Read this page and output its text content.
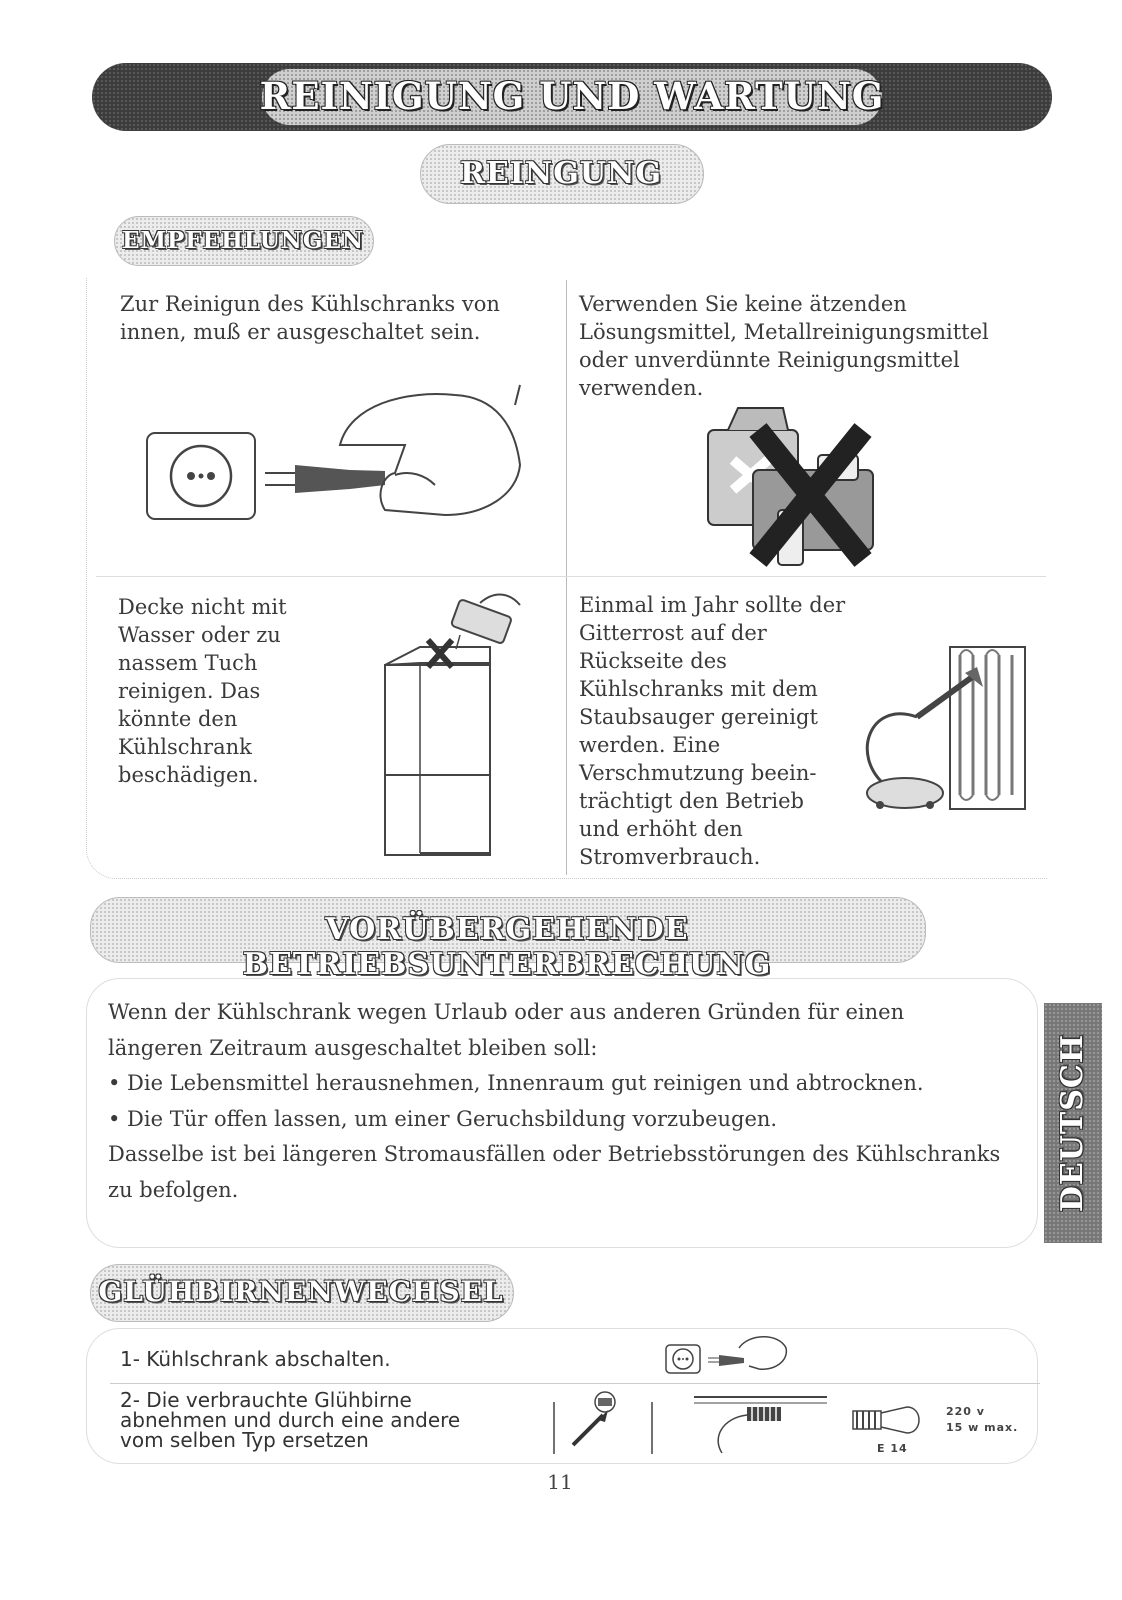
REINIGUNG UND WARTUNG
REINGUNG
EMPFEHLUNGEN
Zur Reinigun des Kühlschranks von innen, muß er ausgeschaltet sein.
Verwenden Sie keine ätzenden Lösungsmittel, Metallreinigungsmittel oder unverdünnte Reinigungsmittel verwenden.
Decke nicht mit
Wasser oder zu
nassem Tuch
reinigen. Das
könnte den
Kühlschrank
beschädigen.
Einmal im Jahr sollte der
Gitterrost auf der
Rückseite des
Kühlschranks mit dem
Staubsauger gereinigt
werden. Eine
Verschmutzung beein-
trächtigt den Betrieb
und erhöht den
Stromverbrauch.
VORÜBERGEHENDE BETRIEBSUNTERBRECHUNG
Wenn der Kühlschrank wegen Urlaub oder aus anderen Gründen für einen
längeren Zeitraum ausgeschaltet bleiben soll:
• Die Lebensmittel herausnehmen, Innenraum gut reinigen und abtrocknen.
• Die Tür offen lassen, um einer Geruchsbildung vorzubeugen.
Dasselbe ist bei längeren Stromausfällen oder Betriebsstörungen des Kühlschranks
zu befolgen.	DEUTSCH
GLÜHBIRNENWECHSEL
1- Kühlschrank abschalten.
2- Die verbrauchte Glühbirne
abnehmen und durch eine andere
vom selben Typ ersetzen	E 14
220 v
15 w max.
11
